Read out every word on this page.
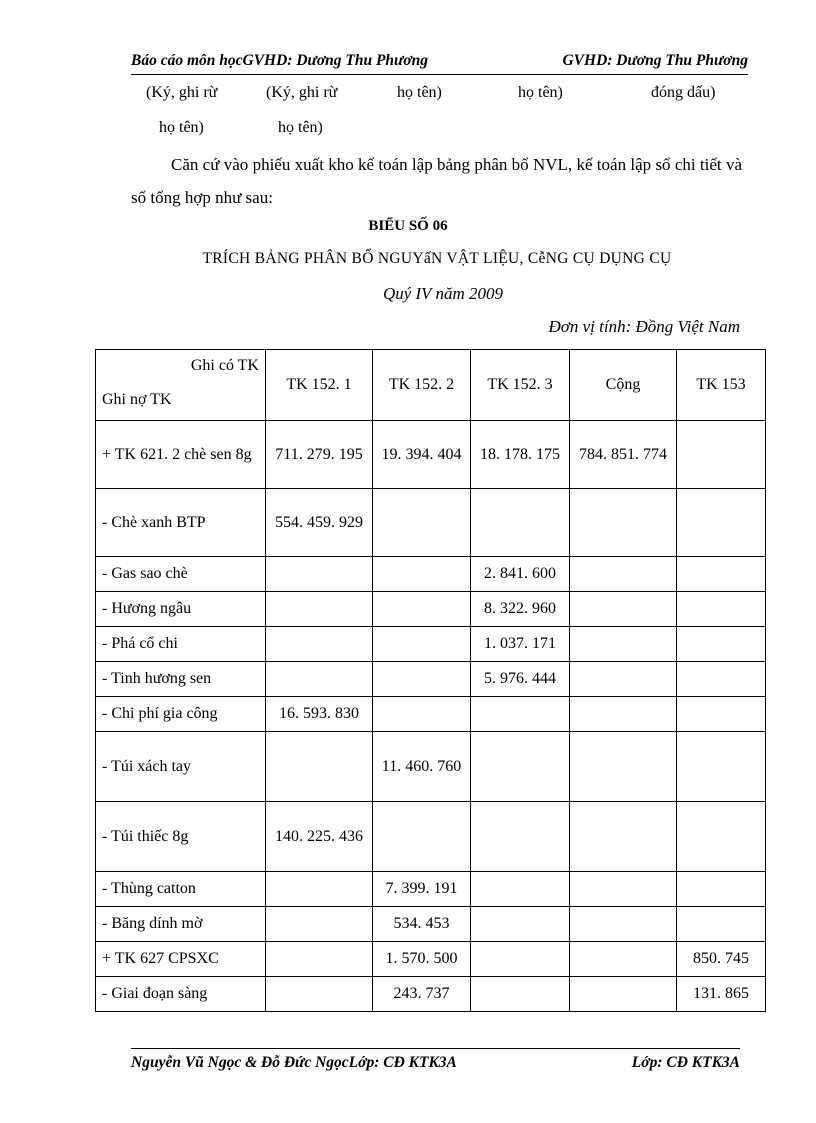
Báo cáo môn họcGVHD: Dương Thu Phương	GVHD: Dương Thu Phương
(Ký, ghi rừ	(Ký, ghi rừ	họ tên)	họ tên)	đóng dấu)
họ tên)	họ tên)
Căn cứ vào phiếu xuất kho kế toán lập bảng phân bổ NVL, kế toán lập sổ chi tiết và sổ tổng hợp như sau:
BIỂU SỐ 06
TRÍCH BẢNG PHÂN BỔ NGUYấN VẬT LIỆU, CễNG CỤ DỤNG CỤ
Quý IV năm 2009
Đơn vị tính: Đồng Việt Nam
Ghi có TK
Ghi nợ TK	TK 152. 1	TK 152. 2	TK 152. 3	Cộng	TK 153
+ TK 621. 2 chè sen 8g	711. 279. 195	19. 394. 404	18. 178. 175	784. 851. 774	
- Chè xanh BTP	554. 459. 929				
- Gas sao chè			2. 841. 600		
- Hương ngâu			8. 322. 960		
- Phá cổ chi			1. 037. 171		
- Tinh hương sen			5. 976. 444		
- Chi phí gia công	16. 593. 830				
- Túi xách tay		11. 460. 760			
- Túi thiếc 8g	140. 225. 436				
- Thùng catton		7. 399. 191			
- Băng dính mờ		534. 453			
+ TK 627 CPSXC		1. 570. 500			850. 745
- Giai đoạn sàng		243. 737			131. 865
Nguyễn Vũ Ngọc & Đỗ Đức NgọcLớp: CĐ KTK3A	Lớp: CĐ KTK3A
